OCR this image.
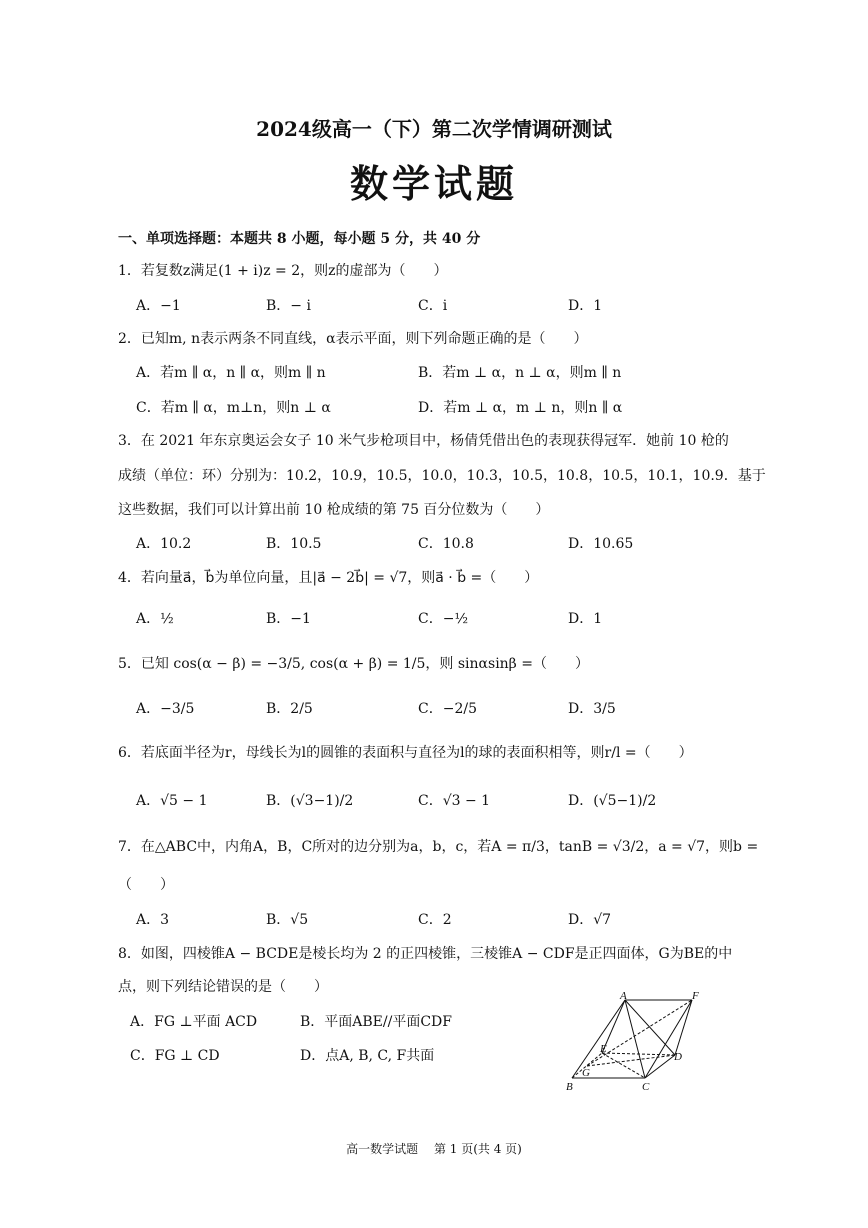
2024级高一（下）第二次学情调研测试
数学试题
一、单项选择题：本题共 8 小题，每小题 5 分，共 40 分
1．若复数z满足(1 + i)z = 2，则z的虚部为（　　）
A．−1	B．− i	C．i	D．1
2．已知m, n表示两条不同直线，α表示平面，则下列命题正确的是（　　）
A．若m ∥ α，n ∥ α，则m ∥ n	B．若m ⊥ α，n ⊥ α，则m ∥ n
C．若m ∥ α，m⊥n，则n ⊥ α	D．若m ⊥ α，m ⊥ n，则n ∥ α
3．在 2021 年东京奥运会女子 10 米气步枪项目中，杨倩凭借出色的表现获得冠军．她前 10 枪的
成绩（单位：环）分别为：10.2，10.9，10.5，10.0，10.3，10.5，10.8，10.5，10.1，10.9．基于
这些数据，我们可以计算出前 10 枪成绩的第 75 百分位数为（　　）
A．10.2	B．10.5	C．10.8	D．10.65
4．若向量a⃗，b⃗为单位向量，且|a⃗ − 2b⃗| = √7，则a⃗ · b⃗ =（　　）
A．½	B．−1	C．−½	D．1
5．已知 cos(α − β) = −3/5, cos(α + β) = 1/5，则 sinαsinβ =（　　）
A．−3/5	B．2/5	C．−2/5	D．3/5
6．若底面半径为r，母线长为l的圆锥的表面积与直径为l的球的表面积相等，则r/l =（　　）
A．√5 − 1	B．(√3−1)/2	C．√3 − 1	D．(√5−1)/2
7．在△ABC中，内角A，B，C所对的边分别为a，b，c，若A = π/3，tanB = √3/2，a = √7，则b =
（　　）
A．3	B．√5	C．2	D．√7
8．如图，四棱锥A − BCDE是棱长均为 2 的正四棱锥，三棱锥A − CDF是正四面体，G为BE的中
点，则下列结论错误的是（　　）
A．FG ⊥平面 ACD	B．平面ABE//平面CDF
C．FG ⊥ CD	D．点A, B, C, F共面
A	F
E
G
D
B	C
高一数学试题　 第 1 页(共 4 页)
